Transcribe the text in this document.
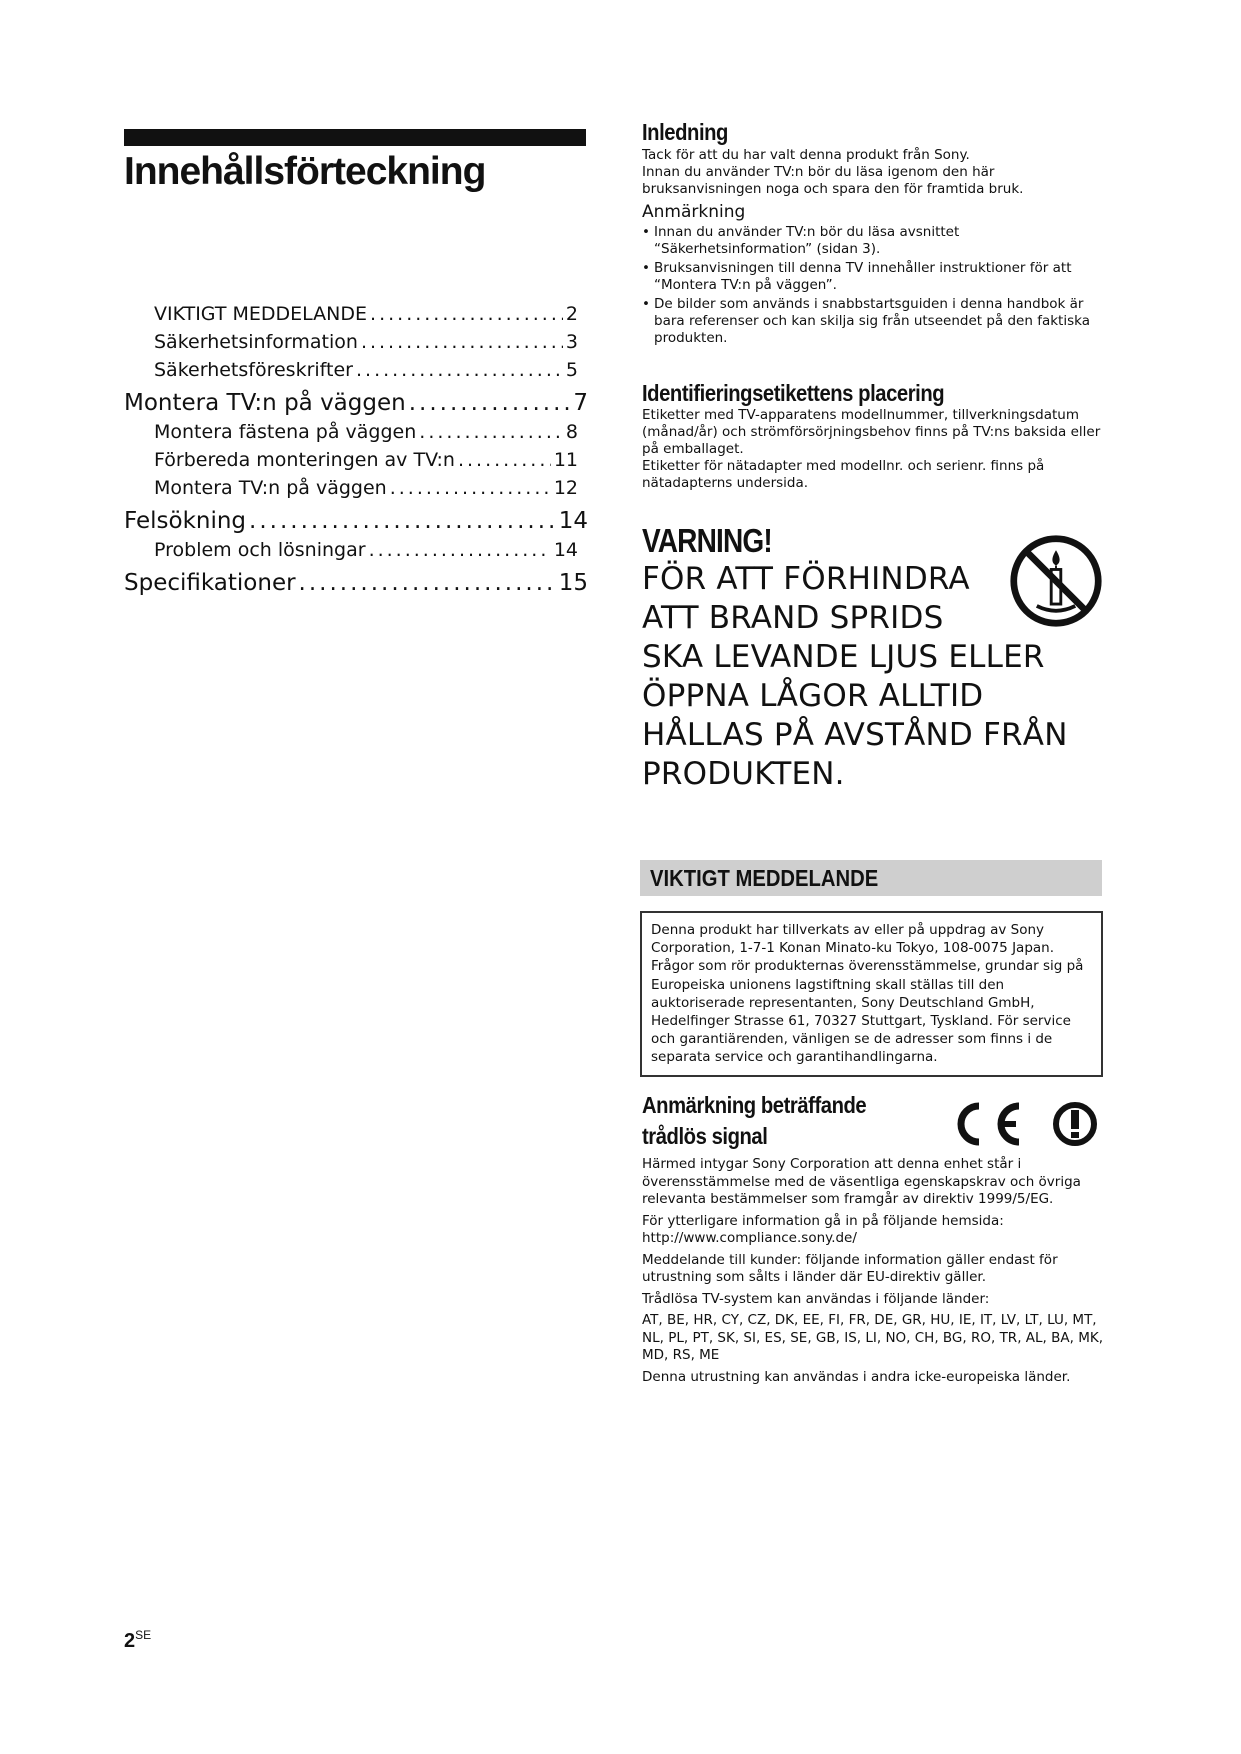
Innehållsförteckning
VIKTIGT MEDDELANDE .....	2
Säkerhetsinformation .....	3
Säkerhetsföreskrifter .....	5
Montera TV:n på väggen .....	7
Montera fästena på väggen .....	8
Förbereda monteringen av TV:n .....	11
Montera TV:n på väggen .....	12
Felsökning .....	14
Problem och lösningar .....	14
Specifikationer .....	15
Inledning

Tack för att du har valt denna produkt från Sony.

Innan du använder TV:n bör du läsa igenom den här bruksanvisningen noga och spara den för framtida bruk.

Anmärkning
• Innan du använder TV:n bör du läsa avsnittet “Säkerhetsinformation” (sidan 3).
• Bruksanvisningen till denna TV innehåller instruktioner för att “Montera TV:n på väggen”.
• De bilder som används i snabbstartsguiden i denna handbok är bara referenser och kan skilja sig från utseendet på den faktiska produkten.
Identifieringsetikettens placering

Etiketter med TV-apparatens modellnummer, tillverkningsdatum (månad/år) och strömförsörjningsbehov finns på TV:ns baksida eller på emballaget.

Etiketter för nätadapter med modellnr. och serienr. finns på nätadapterns undersida.

VARNING!
FÖR ATT FÖRHINDRA
ATT BRAND SPRIDS
SKA LEVANDE LJUS ELLER
ÖPPNA LÅGOR ALLTID
HÅLLAS PÅ AVSTÅND FRÅN
PRODUKTEN.
VIKTIGT MEDDELANDE
Denna produkt har tillverkats av eller på uppdrag av Sony Corporation, 1-7-1 Konan Minato-ku Tokyo, 108-0075 Japan. Frågor som rör produkternas överensstämmelse, grundar sig på Europeiska unionens lagstiftning skall ställas till den auktoriserade representanten, Sony Deutschland GmbH, Hedelfinger Strasse 61, 70327 Stuttgart, Tyskland. För service och garantiärenden, vänligen se de adresser som finns i de separata service och garantihandlingarna.
Anmärkning beträffande
trådlös signal

Härmed intygar Sony Corporation att denna enhet står i överensstämmelse med de väsentliga egenskapskrav och övriga relevanta bestämmelser som framgår av direktiv 1999/5/EG.

För ytterligare information gå in på följande hemsida: http://www.compliance.sony.de/

Meddelande till kunder: följande information gäller endast för utrustning som sålts i länder där EU-direktiv gäller.

Trådlösa TV-system kan användas i följande länder:

AT, BE, HR, CY, CZ, DK, EE, FI, FR, DE, GR, HU, IE, IT, LV, LT, LU, MT, NL, PL, PT, SK, SI, ES, SE, GB, IS, LI, NO, CH, BG, RO, TR, AL, BA, MK, MD, RS, ME

Denna utrustning kan användas i andra icke-europeiska länder.

$2^{SE}$
